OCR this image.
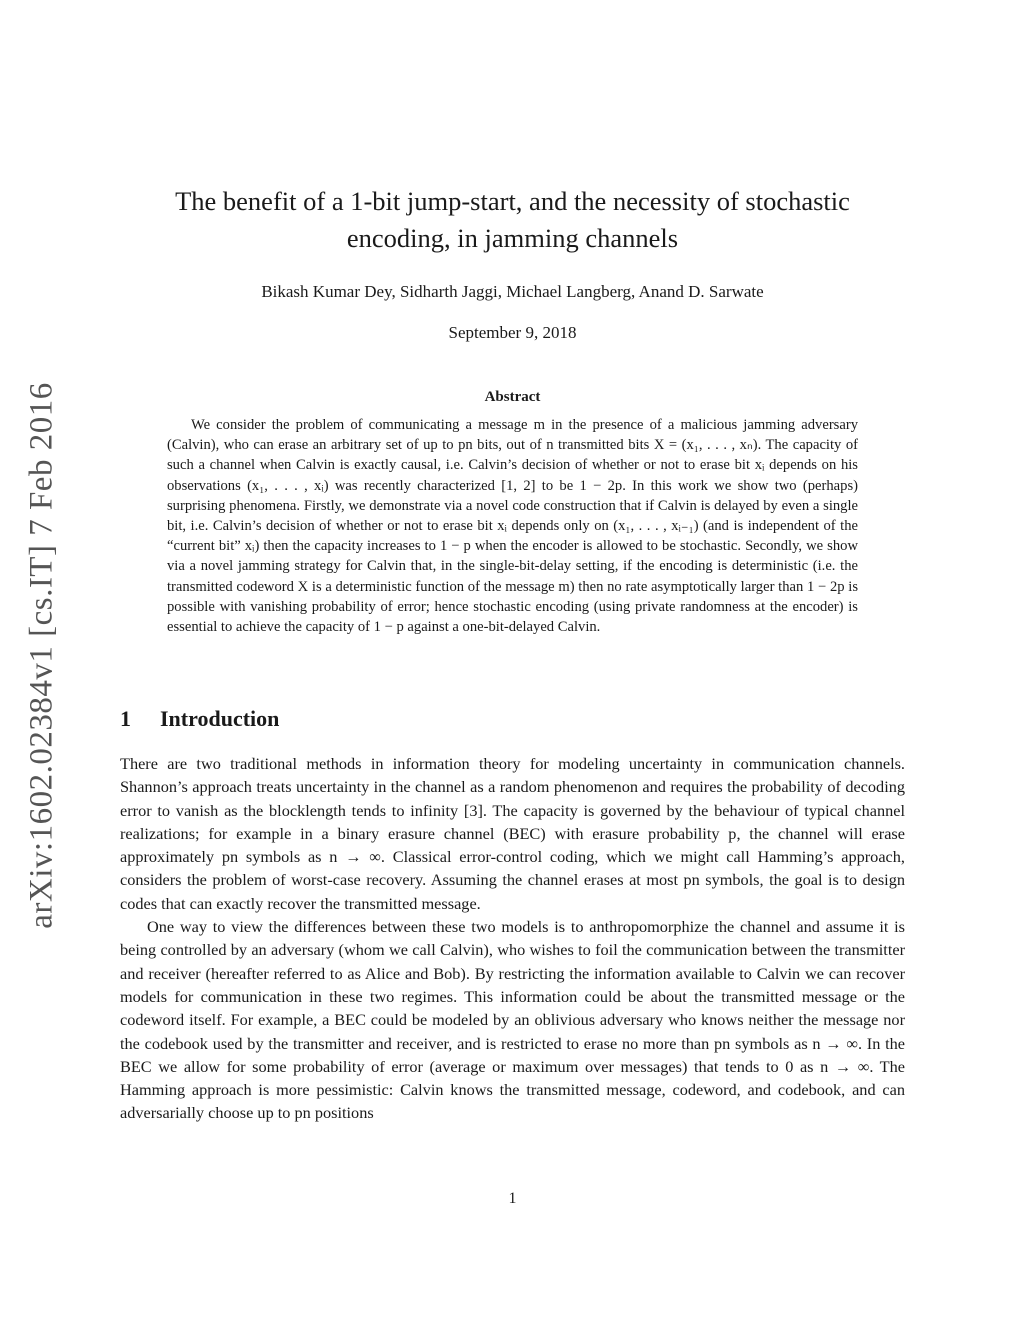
arXiv:1602.02384v1 [cs.IT] 7 Feb 2016
The benefit of a 1-bit jump-start, and the necessity of stochastic encoding, in jamming channels
Bikash Kumar Dey, Sidharth Jaggi, Michael Langberg, Anand D. Sarwate
September 9, 2018
Abstract

We consider the problem of communicating a message m in the presence of a malicious jamming adversary (Calvin), who can erase an arbitrary set of up to pn bits, out of n transmitted bits X = (x₁, . . . , xₙ). The capacity of such a channel when Calvin is exactly causal, i.e. Calvin’s decision of whether or not to erase bit xᵢ depends on his observations (x₁, . . . , xᵢ) was recently characterized [1, 2] to be 1 − 2p. In this work we show two (perhaps) surprising phenomena. Firstly, we demonstrate via a novel code construction that if Calvin is delayed by even a single bit, i.e. Calvin’s decision of whether or not to erase bit xᵢ depends only on (x₁, . . . , xᵢ₋₁) (and is independent of the “current bit” xᵢ) then the capacity increases to 1 − p when the encoder is allowed to be stochastic. Secondly, we show via a novel jamming strategy for Calvin that, in the single-bit-delay setting, if the encoding is deterministic (i.e. the transmitted codeword X is a deterministic function of the message m) then no rate asymptotically larger than 1 − 2p is possible with vanishing probability of error; hence stochastic encoding (using private randomness at the encoder) is essential to achieve the capacity of 1 − p against a one-bit-delayed Calvin.

1 Introduction

There are two traditional methods in information theory for modeling uncertainty in communication channels. Shannon’s approach treats uncertainty in the channel as a random phenomenon and requires the probability of decoding error to vanish as the blocklength tends to infinity [3]. The capacity is governed by the behaviour of typical channel realizations; for example in a binary erasure channel (BEC) with erasure probability p, the channel will erase approximately pn symbols as n → ∞. Classical error-control coding, which we might call Hamming’s approach, considers the problem of worst-case recovery. Assuming the channel erases at most pn symbols, the goal is to design codes that can exactly recover the transmitted message.

One way to view the differences between these two models is to anthropomorphize the channel and assume it is being controlled by an adversary (whom we call Calvin), who wishes to foil the communication between the transmitter and receiver (hereafter referred to as Alice and Bob). By restricting the information available to Calvin we can recover models for communication in these two regimes. This information could be about the transmitted message or the codeword itself. For example, a BEC could be modeled by an oblivious adversary who knows neither the message nor the codebook used by the transmitter and receiver, and is restricted to erase no more than pn symbols as n → ∞. In the BEC we allow for some probability of error (average or maximum over messages) that tends to 0 as n → ∞. The Hamming approach is more pessimistic: Calvin knows the transmitted message, codeword, and codebook, and can adversarially choose up to pn positions

1
